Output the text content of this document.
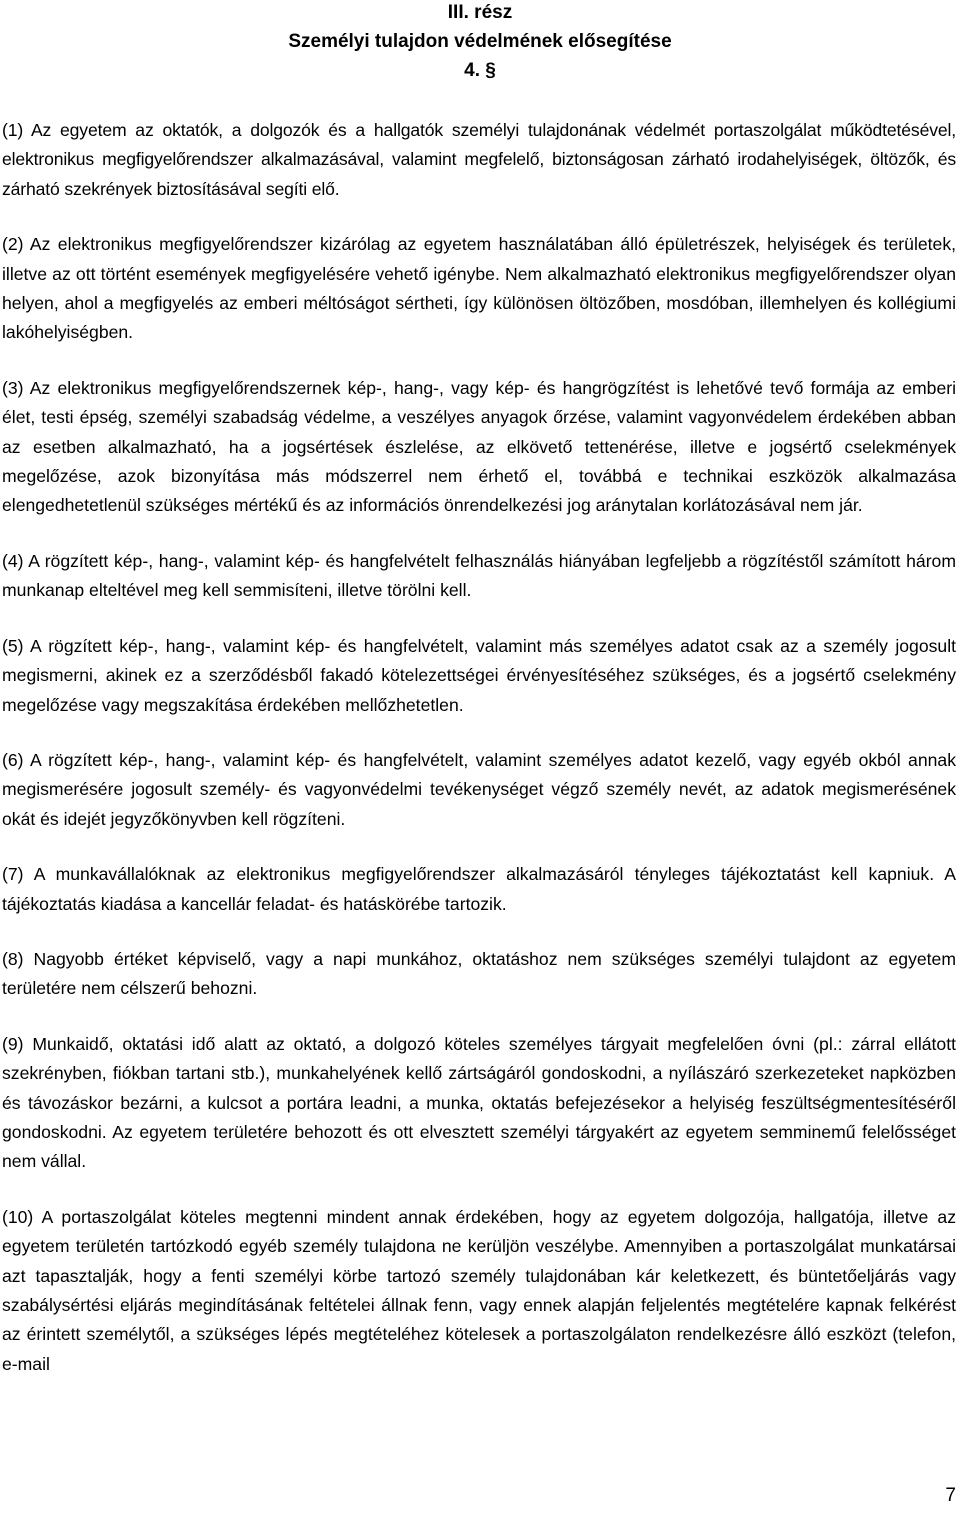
III. rész

Személyi tulajdon védelmének elősegítése

4. §

(1) Az egyetem az oktatók, a dolgozók és a hallgatók személyi tulajdonának védelmét portaszolgálat működtetésével, elektronikus megfigyelőrendszer alkalmazásával, valamint megfelelő, biztonságosan zárható irodahelyiségek, öltözők, és zárható szekrények biztosításával segíti elő.

(2) Az elektronikus megfigyelőrendszer kizárólag az egyetem használatában álló épületrészek, helyiségek és területek, illetve az ott történt események megfigyelésére vehető igénybe. Nem alkalmazható elektronikus megfigyelőrendszer olyan helyen, ahol a megfigyelés az emberi méltóságot sértheti, így különösen öltözőben, mosdóban, illemhelyen és kollégiumi lakóhelyiségben.

(3) Az elektronikus megfigyelőrendszernek kép-, hang-, vagy kép- és hangrögzítést is lehetővé tevő formája az emberi élet, testi épség, személyi szabadság védelme, a veszélyes anyagok őrzése, valamint vagyonvédelem érdekében abban az esetben alkalmazható, ha a jogsértések észlelése, az elkövető tettenérése, illetve e jogsértő cselekmények megelőzése, azok bizonyítása más módszerrel nem érhető el, továbbá e technikai eszközök alkalmazása elengedhetetlenül szükséges mértékű és az információs önrendelkezési jog aránytalan korlátozásával nem jár.

(4) A rögzített kép-, hang-, valamint kép- és hangfelvételt felhasználás hiányában legfeljebb a rögzítéstől számított három munkanap elteltével meg kell semmisíteni, illetve törölni kell.

(5) A rögzített kép-, hang-, valamint kép- és hangfelvételt, valamint más személyes adatot csak az a személy jogosult megismerni, akinek ez a szerződésből fakadó kötelezettségei érvényesítéséhez szükséges, és a jogsértő cselekmény megelőzése vagy megszakítása érdekében mellőzhetetlen.

(6) A rögzített kép-, hang-, valamint kép- és hangfelvételt, valamint személyes adatot kezelő, vagy egyéb okból annak megismerésére jogosult személy- és vagyonvédelmi tevékenységet végző személy nevét, az adatok megismerésének okát és idejét jegyzőkönyvben kell rögzíteni.

(7) A munkavállalóknak az elektronikus megfigyelőrendszer alkalmazásáról tényleges tájékoztatást kell kapniuk. A tájékoztatás kiadása a kancellár feladat- és hatáskörébe tartozik.

(8) Nagyobb értéket képviselő, vagy a napi munkához, oktatáshoz nem szükséges személyi tulajdont az egyetem területére nem célszerű behozni.

(9) Munkaidő, oktatási idő alatt az oktató, a dolgozó köteles személyes tárgyait megfelelően óvni (pl.: zárral ellátott szekrényben, fiókban tartani stb.), munkahelyének kellő zártságáról gondoskodni, a nyílászáró szerkezeteket napközben és távozáskor bezárni, a kulcsot a portára leadni, a munka, oktatás befejezésekor a helyiség feszültségmentesítéséről gondoskodni. Az egyetem területére behozott és ott elvesztett személyi tárgyakért az egyetem semminemű felelősséget nem vállal.

(10) A portaszolgálat köteles megtenni mindent annak érdekében, hogy az egyetem dolgozója, hallgatója, illetve az egyetem területén tartózkodó egyéb személy tulajdona ne kerüljön veszélybe. Amennyiben a portaszolgálat munkatársai azt tapasztalják, hogy a fenti személyi körbe tartozó személy tulajdonában kár keletkezett, és büntetőeljárás vagy szabálysértési eljárás megindításának feltételei állnak fenn, vagy ennek alapján feljelentés megtételére kapnak felkérést az érintett személytől, a szükséges lépés megtételéhez kötelesek a portaszolgálaton rendelkezésre álló eszközt (telefon, e-mail

7
